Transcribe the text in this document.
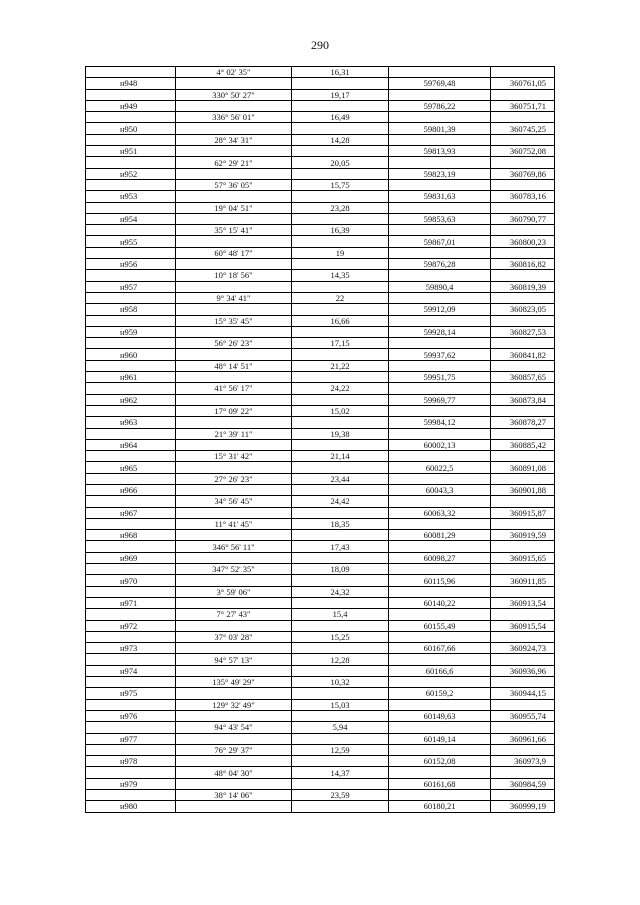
290
	4° 02' 35"	16,31		
н948			59769,48	360761,05
	330° 50' 27"	19,17		
н949			59786,22	360751,71
	336° 56' 01"	16,49		
н950			59801,39	360745,25
	28° 34' 31"	14,28		
н951			59813,93	360752,08
	62° 29' 21"	20,05		
н952			59823,19	360769,86
	57° 36' 05"	15,75		
н953			59831,63	360783,16
	19° 04' 51"	23,28		
н954			59853,63	360790,77
	35° 15' 41"	16,39		
н955			59867,01	360800,23
	60° 48' 17"	19		
н956			59876,28	360816,82
	10° 18' 56"	14,35		
н957			59890,4	360819,39
	9° 34' 41"	22		
н958			59912,09	360823,05
	15° 35' 45"	16,66		
н959			59928,14	360827,53
	56° 26' 23"	17,15		
н960			59937,62	360841,82
	48° 14' 51"	21,22		
н961			59951,75	360857,65
	41° 56' 17"	24,22		
н962			59969,77	360873,84
	17° 09' 22"	15,02		
н963			59984,12	360878,27
	21° 39' 11"	19,38		
н964			60002,13	360885,42
	15° 31' 42"	21,14		
н965			60022,5	360891,08
	27° 26' 23"	23,44		
н966			60043,3	360901,88
	34° 56' 45"	24,42		
н967			60063,32	360915,87
	11° 41' 45"	18,35		
н968			60081,29	360919,59
	346° 56' 11"	17,43		
н969			60098,27	360915,65
	347° 52' 35"	18,09		
н970			60115,96	360911,85
	3° 59' 06"	24,32		
н971			60140,22	360913,54
	7° 27' 43"	15,4		
н972			60155,49	360915,54
	37° 03' 28"	15,25		
н973			60167,66	360924,73
	94° 57' 13"	12,28		
н974			60166,6	360936,96
	135° 49' 29"	10,32		
н975			60159,2	360944,15
	129° 32' 49"	15,03		
н976			60149,63	360955,74
	94° 43' 54"	5,94		
н977			60149,14	360961,66
	76° 29' 37"	12,59		
н978			60152,08	360973,9
	48° 04' 30"	14,37		
н979			60161,68	360984,59
	38° 14' 06"	23,59		
н980			60180,21	360999,19
